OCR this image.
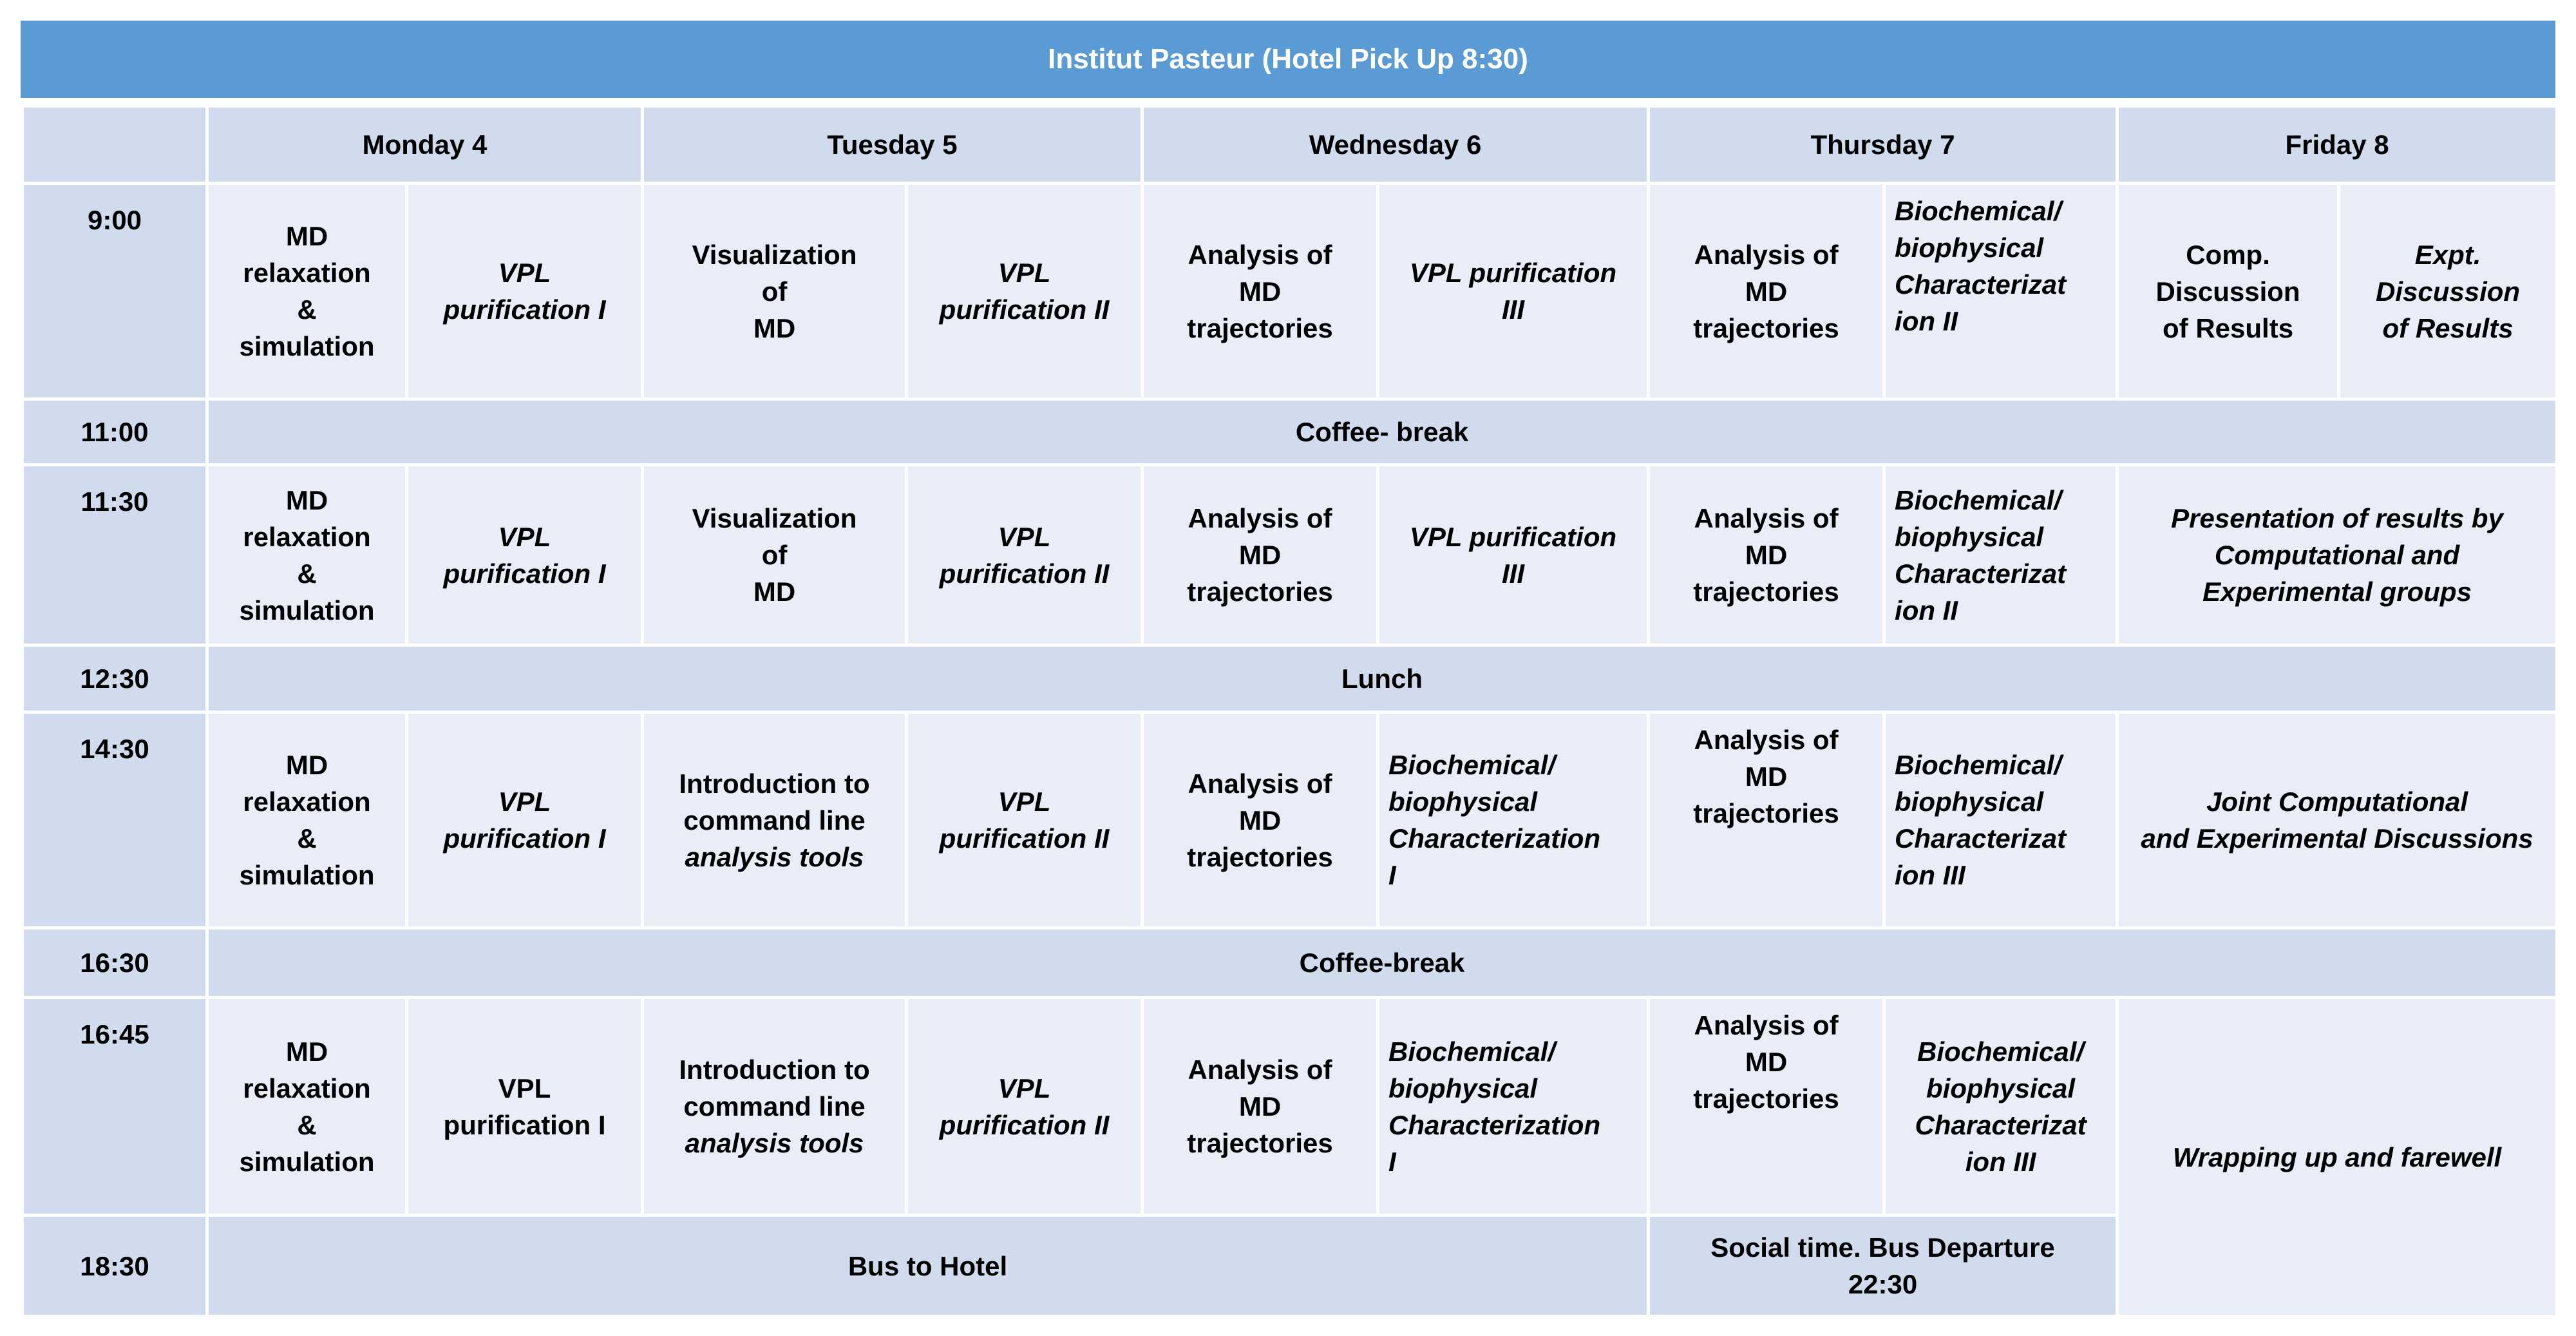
Institut Pasteur (Hotel Pick Up 8:30)
	Monday 4		Tuesday 5		Wednesday 6		Thursday 7		Friday 8	
9:00	MD
relaxation
&
simulation	VPL
purification I	Visualization
of
MD	VPL
purification II	Analysis of
MD
trajectories	VPL purification
III	Analysis of
MD
trajectories	Biochemical/
biophysical
Characterizat
ion II	Comp.
Discussion
of Results	Expt.
Discussion
of Results

11:00	Coffee- break									
11:30	MD
relaxation
&
simulation	VPL
purification I	Visualization
of
MD	VPL
purification II	Analysis of
MD
trajectories	VPL purification
III	Analysis of
MD
trajectories	Biochemical/
biophysical
Characterizat
ion II	Presentation of results by
Computational and
Experimental groups	

12:30	Lunch									
14:30	MD
relaxation
&
simulation	VPL
purification I	Introduction to
command line
analysis tools	VPL
purification II	Analysis of
MD
trajectories	Biochemical/
biophysical
Characterization
I	Analysis of
MD
trajectories	Biochemical/
biophysical
Characterizat
ion III	Joint Computational
and Experimental Discussions	

16:30	Coffee-break									
16:45	MD
relaxation
&
simulation	VPL
purification I	Introduction to
command line
analysis tools	VPL
purification II	Analysis of
MD
trajectories	Biochemical/
biophysical
Characterization
I	Analysis of
MD
trajectories	Biochemical/
biophysical
Characterizat
ion III	Wrapping up and farewell	

18:30	Bus to Hotel						Social time. Bus Departure
22:30			
